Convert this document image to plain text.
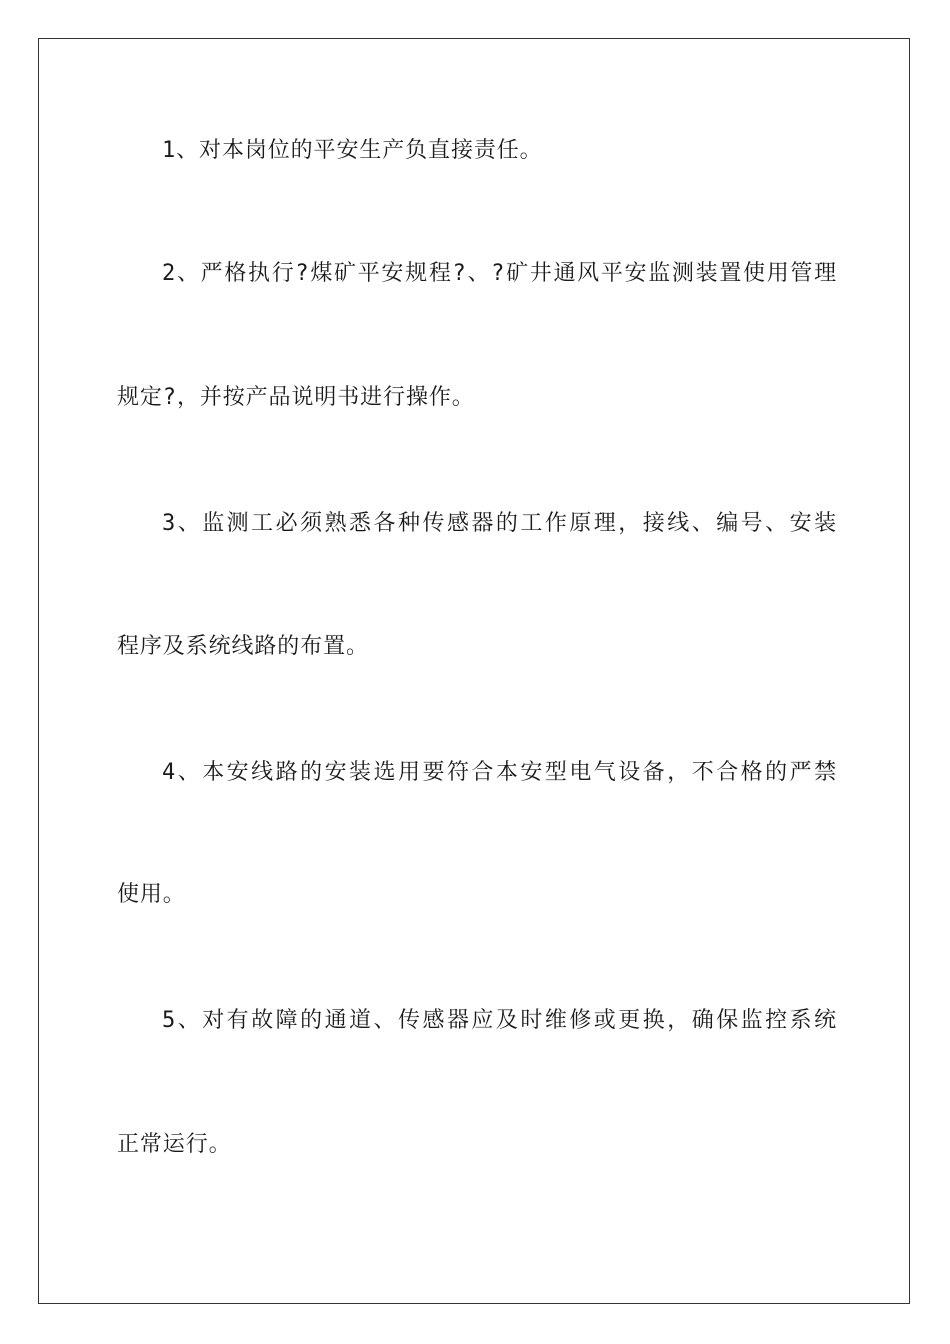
1、对本岗位的平安生产负直接责任。
2、严格执行?煤矿平安规程?、?矿井通风平安监测装置使用管理
规定?，并按产品说明书进行操作。
3、监测工必须熟悉各种传感器的工作原理，接线、编号、安装
程序及系统线路的布置。
4、本安线路的安装选用要符合本安型电气设备，不合格的严禁
使用。
5、对有故障的通道、传感器应及时维修或更换，确保监控系统
正常运行。
